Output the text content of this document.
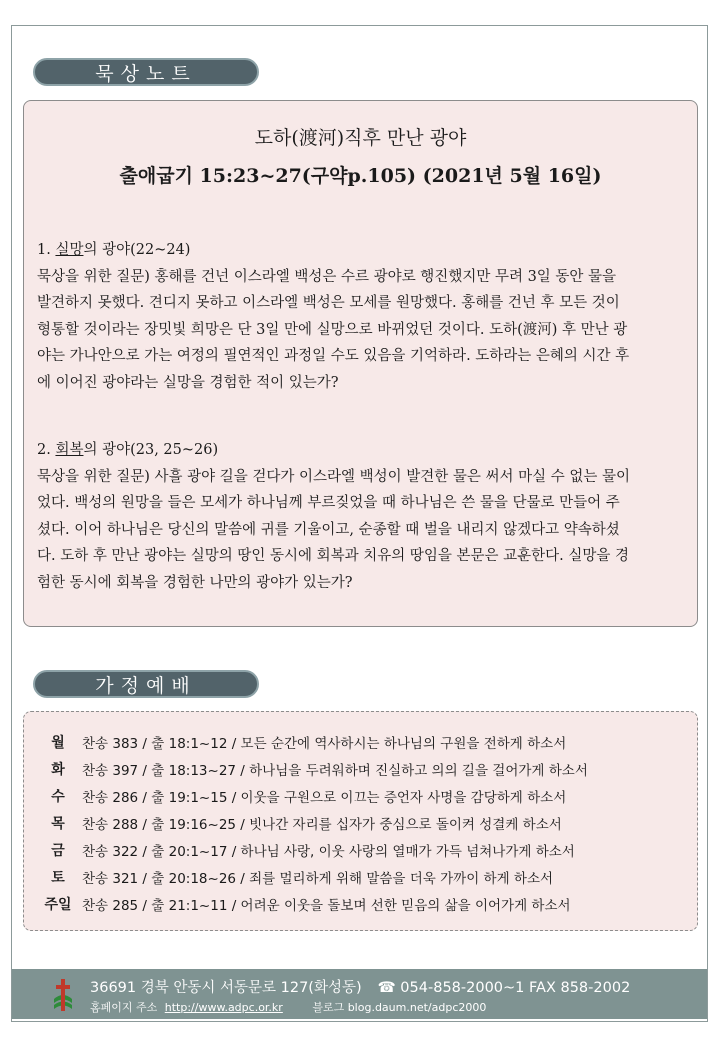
묵상노트
도하(渡河)직후 만난 광야
출애굽기 15:23~27(구약p.105) (2021년 5월 16일)
1. 실망의 광야(22~24)
묵상을 위한 질문) 홍해를 건넌 이스라엘 백성은 수르 광야로 행진했지만 무려 3일 동안 물을
발견하지 못했다. 견디지 못하고 이스라엘 백성은 모세를 원망했다. 홍해를 건넌 후 모든 것이
형통할 것이라는 장밋빛 희망은 단 3일 만에 실망으로 바뀌었던 것이다. 도하(渡河) 후 만난 광
야는 가나안으로 가는 여정의 필연적인 과정일 수도 있음을 기억하라. 도하라는 은혜의 시간 후
에 이어진 광야라는 실망을 경험한 적이 있는가?
2. 회복의 광야(23, 25~26)
묵상을 위한 질문) 사흘 광야 길을 걷다가 이스라엘 백성이 발견한 물은 써서 마실 수 없는 물이
었다. 백성의 원망을 들은 모세가 하나님께 부르짖었을 때 하나님은 쓴 물을 단물로 만들어 주
셨다. 이어 하나님은 당신의 말씀에 귀를 기울이고, 순종할 때 벌을 내리지 않겠다고 약속하셨
다. 도하 후 만난 광야는 실망의 땅인 동시에 회복과 치유의 땅임을 본문은 교훈한다. 실망을 경
험한 동시에 회복을 경험한 나만의 광야가 있는가?
가정예배
월	찬송 383 / 출 18:1~12 / 모든 순간에 역사하시는 하나님의 구원을 전하게 하소서
화	찬송 397 / 출 18:13~27 / 하나님을 두려워하며 진실하고 의의 길을 걸어가게 하소서
수	찬송 286 / 출 19:1~15 / 이웃을 구원으로 이끄는 증언자 사명을 감당하게 하소서
목	찬송 288 / 출 19:16~25 / 빗나간 자리를 십자가 중심으로 돌이켜 성결케 하소서
금	찬송 322 / 출 20:1~17 / 하나님 사랑, 이웃 사랑의 열매가 가득 넘쳐나가게 하소서
토	찬송 321 / 출 20:18~26 / 죄를 멀리하게 위해 말씀을 더욱 가까이 하게 하소서
주일 찬송 285 / 출 21:1~11 / 어려운 이웃을 돌보며 선한 믿음의 삶을 이어가게 하소서
36691 경북 안동시 서동문로 127(화성동) ☎ 054-858-2000~1 FAX 858-2002
홈페이지 주소 http://www.adpc.or.kr	블로그 blog.daum.net/adpc2000
